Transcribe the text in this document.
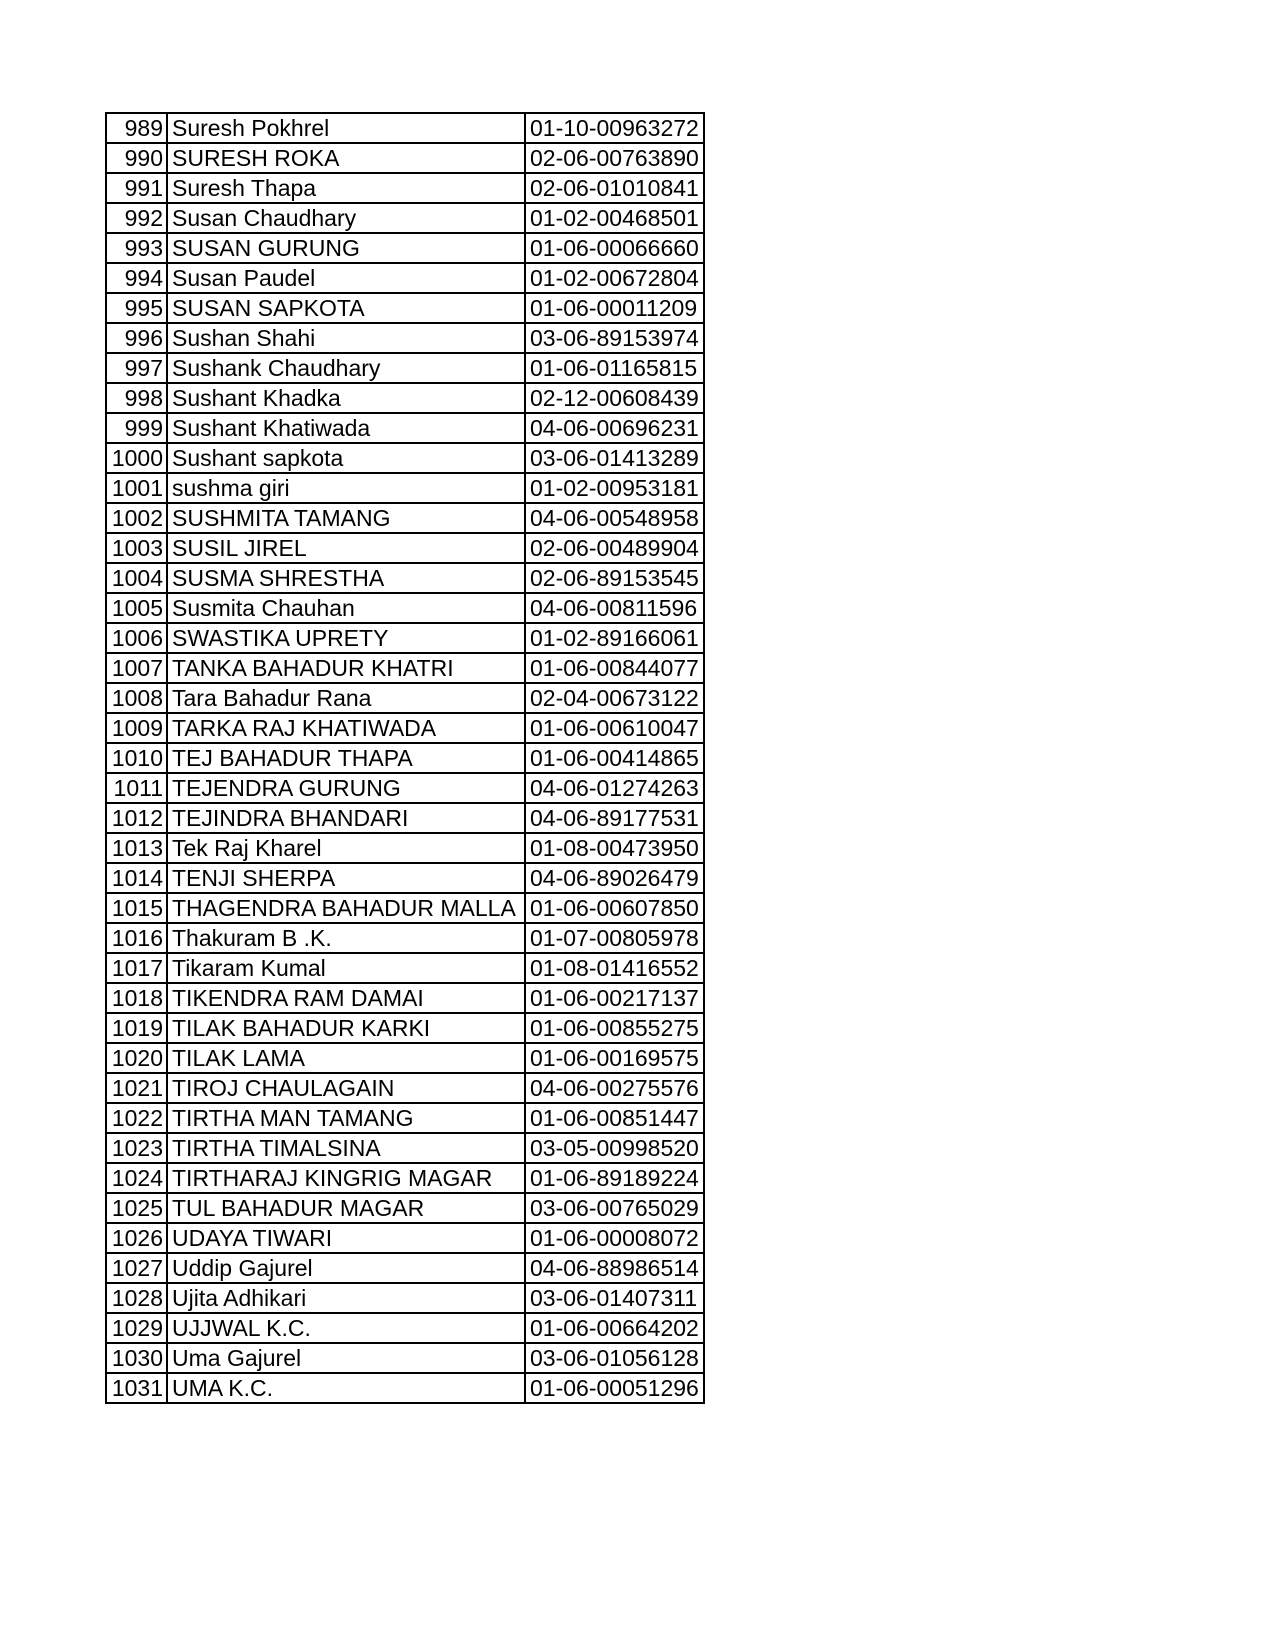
989	Suresh Pokhrel	01-10-00963272
990	SURESH ROKA	02-06-00763890
991	Suresh Thapa	02-06-01010841
992	Susan Chaudhary	01-02-00468501
993	SUSAN GURUNG	01-06-00066660
994	Susan Paudel	01-02-00672804
995	SUSAN SAPKOTA	01-06-00011209
996	Sushan Shahi	03-06-89153974
997	Sushank Chaudhary	01-06-01165815
998	Sushant Khadka	02-12-00608439
999	Sushant Khatiwada	04-06-00696231
1000	Sushant sapkota	03-06-01413289
1001	sushma giri	01-02-00953181
1002	SUSHMITA TAMANG	04-06-00548958
1003	SUSIL JIREL	02-06-00489904
1004	SUSMA SHRESTHA	02-06-89153545
1005	Susmita Chauhan	04-06-00811596
1006	SWASTIKA UPRETY	01-02-89166061
1007	TANKA BAHADUR KHATRI	01-06-00844077
1008	Tara Bahadur Rana	02-04-00673122
1009	TARKA RAJ KHATIWADA	01-06-00610047
1010	TEJ BAHADUR THAPA	01-06-00414865
1011	TEJENDRA GURUNG	04-06-01274263
1012	TEJINDRA BHANDARI	04-06-89177531
1013	Tek Raj Kharel	01-08-00473950
1014	TENJI SHERPA	04-06-89026479
1015	THAGENDRA BAHADUR MALLA	01-06-00607850
1016	Thakuram B .K.	01-07-00805978
1017	Tikaram Kumal	01-08-01416552
1018	TIKENDRA RAM DAMAI	01-06-00217137
1019	TILAK BAHADUR KARKI	01-06-00855275
1020	TILAK LAMA	01-06-00169575
1021	TIROJ CHAULAGAIN	04-06-00275576
1022	TIRTHA MAN TAMANG	01-06-00851447
1023	TIRTHA TIMALSINA	03-05-00998520
1024	TIRTHARAJ KINGRIG MAGAR	01-06-89189224
1025	TUL BAHADUR MAGAR	03-06-00765029
1026	UDAYA TIWARI	01-06-00008072
1027	Uddip Gajurel	04-06-88986514
1028	Ujita Adhikari	03-06-01407311
1029	UJJWAL K.C.	01-06-00664202
1030	Uma Gajurel	03-06-01056128
1031	UMA K.C.	01-06-00051296
